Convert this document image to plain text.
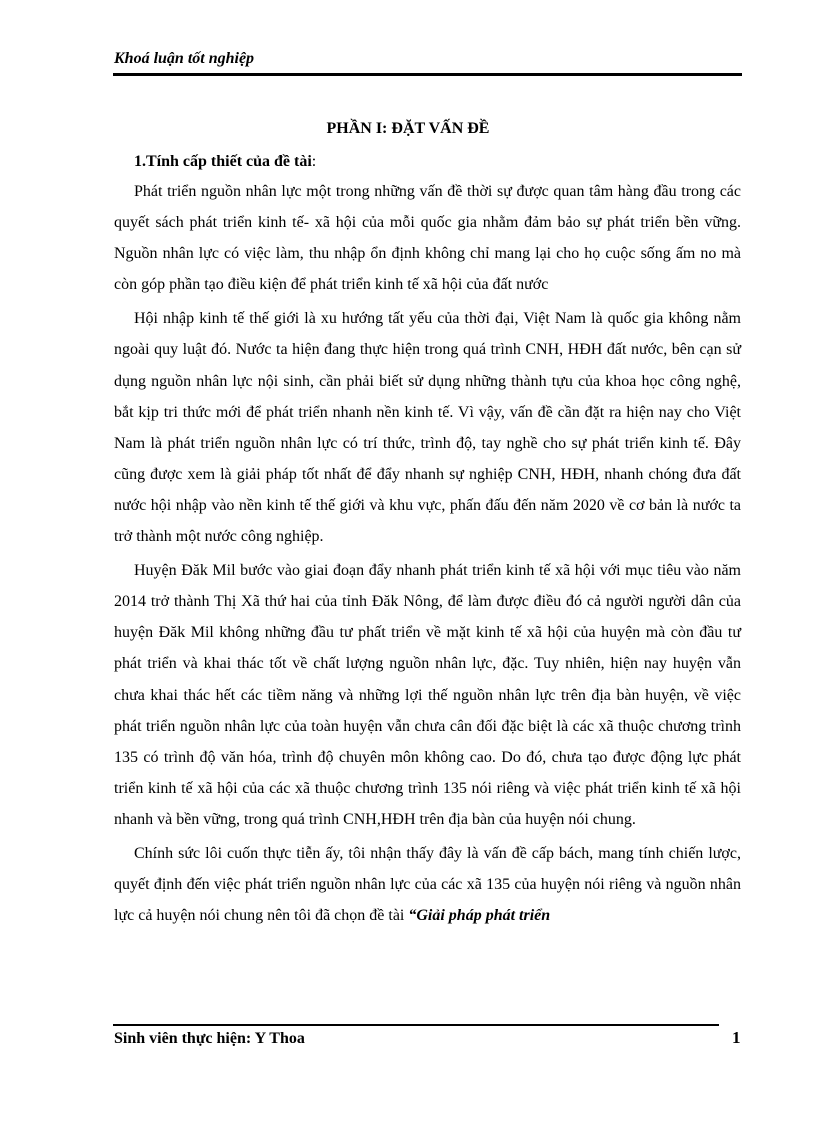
Khoá luận tốt nghiệp
PHẦN I: ĐẶT VẤN ĐỀ
1.Tính cấp thiết của đề tài:

Phát triển nguồn nhân lực một trong những vấn đề thời sự được quan tâm hàng đầu trong các quyết sách phát triển kinh tế- xã hội của mỗi quốc gia nhằm đảm bảo sự phát triển bền vững. Nguồn nhân lực có việc làm, thu nhập ổn định không chỉ mang lại cho họ cuộc sống ấm no mà còn góp phần tạo điều kiện để phát triển kinh tế xã hội của đất nước

Hội nhập kinh tế thế giới là xu hướng tất yếu của thời đại, Việt Nam là quốc gia không nằm ngoài quy luật đó. Nước ta hiện đang thực hiện trong quá trình CNH, HĐH đất nước, bên cạn sử dụng nguồn nhân lực nội sinh, cần phải biết sử dụng những thành tựu của khoa học công nghệ, bắt kịp tri thức mới để phát triển nhanh nền kinh tế. Vì vậy, vấn đề cần đặt ra hiện nay cho Việt Nam là phát triển nguồn nhân lực có trí thức, trình độ, tay nghề cho sự phát triển kinh tế. Đây cũng được xem là giải pháp tốt nhất để đẩy nhanh sự nghiệp CNH, HĐH, nhanh chóng đưa đất nước hội nhập vào nền kinh tế thế giới và khu vực, phấn đấu đến năm 2020 về cơ bản là nước ta trở thành một nước công nghiệp.

Huyện Đăk Mil bước vào giai đoạn đẩy nhanh phát triển kinh tế xã hội với mục tiêu vào năm 2014 trở thành Thị Xã thứ hai của tỉnh Đăk Nông, để làm được điều đó cả người người dân của huyện Đăk Mil không những đầu tư phất triển về mặt kinh tế xã hội của huyện mà còn đầu tư phát triển và khai thác tốt về chất lượng nguồn nhân lực, đặc. Tuy nhiên, hiện nay huyện vẫn chưa khai thác hết các tiềm năng và những lợi thế nguồn nhân lực trên địa bàn huyện, về việc phát triển nguồn nhân lực của toàn huyện vẫn chưa cân đối đặc biệt là các xã thuộc chương trình 135 có trình độ văn hóa, trình độ chuyên môn không cao. Do đó, chưa tạo được động lực phát triển kinh tế xã hội của các xã thuộc chương trình 135 nói riêng và việc phát triển kinh tế xã hội nhanh và bền vững, trong quá trình CNH,HĐH trên địa bàn của huyện nói chung.

Chính sức lôi cuốn thực tiễn ấy, tôi nhận thấy đây là vấn đề cấp bách, mang tính chiến lược, quyết định đến việc phát triển nguồn nhân lực của các xã 135 của huyện nói riêng và nguồn nhân lực cả huyện nói chung nên tôi đã chọn đề tài “Giải pháp phát triển

Sinh viên thực hiện: Y Thoa	1
